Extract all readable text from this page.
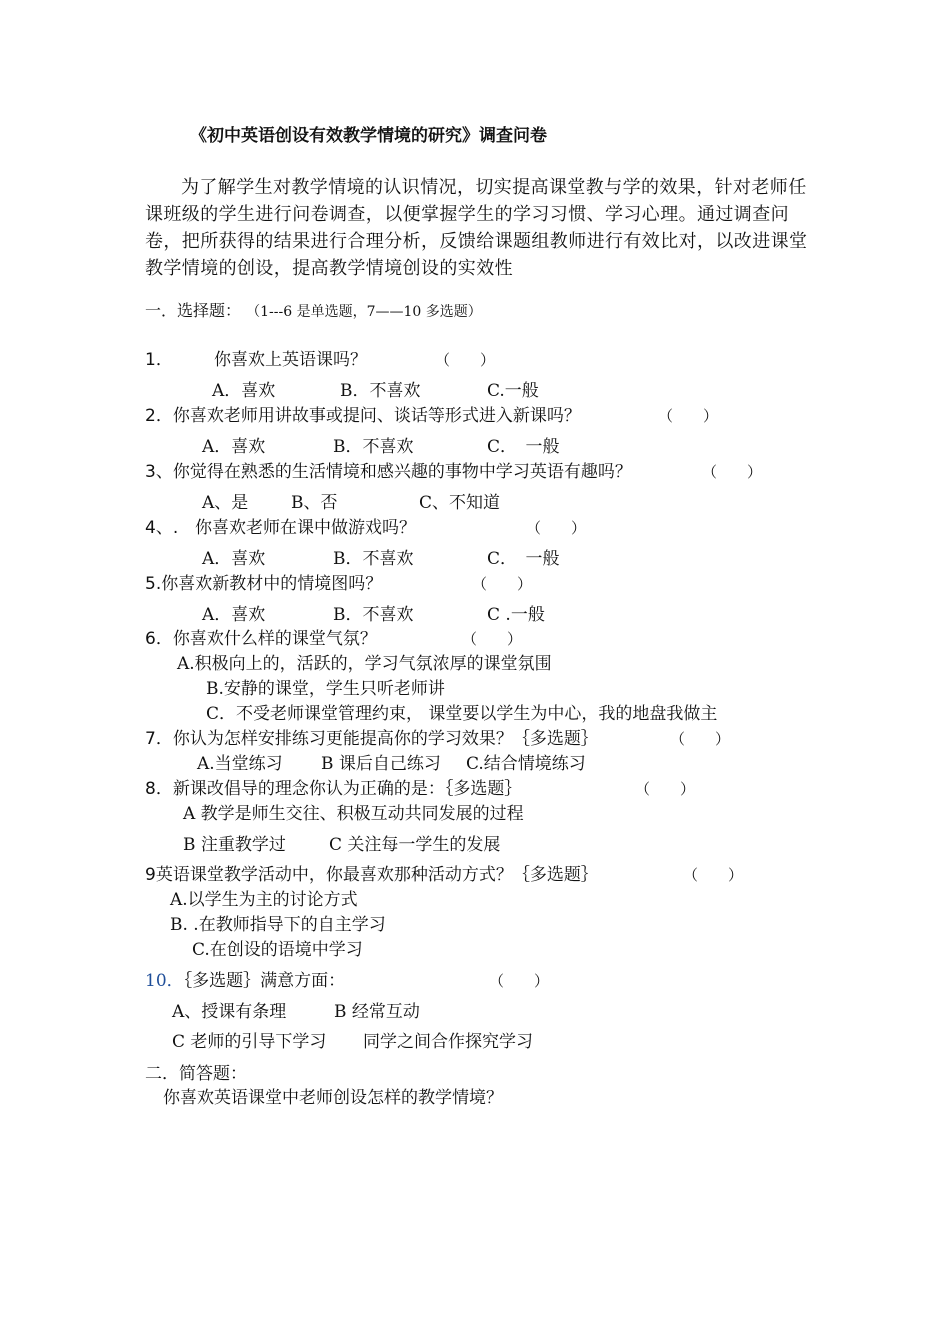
《初中英语创设有效教学情境的研究》调查问卷

为了解学生对教学情境的认识情况，切实提高课堂教与学的效果，针对老师任课班级的学生进行问卷调查，以便掌握学生的学习习惯、学习心理。通过调查问卷，把所获得的结果进行合理分析，反馈给课题组教师进行有效比对，以改进课堂教学情境的创设，提高教学情境创设的实效性

一．选择题： （1---6 是单选题，7——10 多选题）
1． 你喜欢上英语课吗？	（　　）
A．喜欢	B．不喜欢	C.一般
2．你喜欢老师用讲故事或提问、谈话等形式进入新课吗？	（　　）
A．喜欢	B．不喜欢	C．　一般
3、你觉得在熟悉的生活情境和感兴趣的事物中学习英语有趣吗？	（　　）
A、是	B、否	C、不知道
4、. 你喜欢老师在课中做游戏吗？	（　　）
A．喜欢	B．不喜欢	C．　一般
5.你喜欢新教材中的情境图吗？	（　　）
A．喜欢	B．不喜欢	C .一般
6．你喜欢什么样的课堂气氛？	（　　）
A.积极向上的，活跃的，学习气氛浓厚的课堂氛围
B.安静的课堂，学生只听老师讲
C．不受老师课堂管理约束， 课堂要以学生为中心，我的地盘我做主
7．你认为怎样安排练习更能提高你的学习效果？｛多选题｝	（　　）
A.当堂练习 B 课后自己练习 C.结合情境练习
8．新课改倡导的理念你认为正确的是：｛多选题｝	（　　）
A 教学是师生交往、积极互动共同发展的过程
B 注重教学过	C 关注每一学生的发展
9英语课堂教学活动中，你最喜欢那种活动方式？｛多选题｝	（　　）
A.以学生为主的讨论方式
B. .在教师指导下的自主学习
C.在创设的语境中学习
10．｛多选题｝满意方面：	（　　）
A、授课有条理	B 经常互动
C 老师的引导下学习 同学之间合作探究学习
二．简答题：
你喜欢英语课堂中老师创设怎样的教学情境？
